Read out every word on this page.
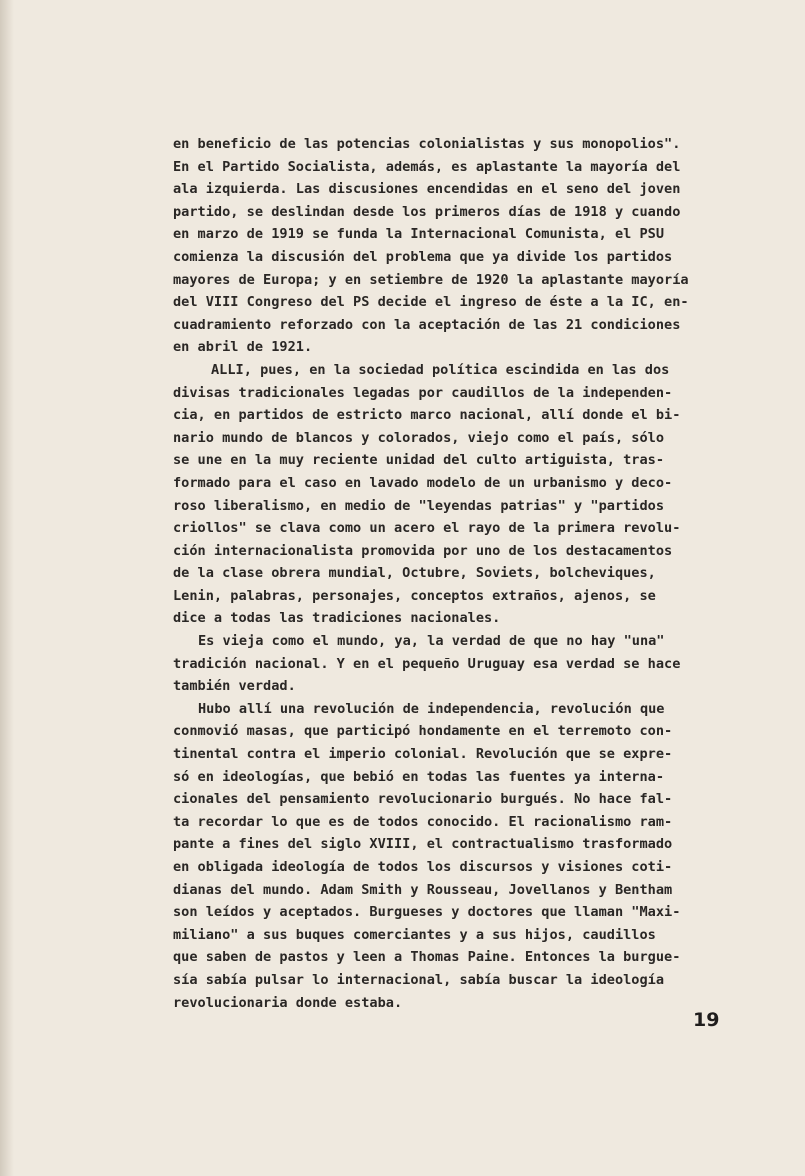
en beneficio de las potencias colonialistas y sus monopolios".
En el Partido Socialista, además, es aplastante la mayoría del
ala izquierda. Las discusiones encendidas en el seno del joven
partido, se deslindan desde los primeros días de 1918 y cuando
en marzo de 1919 se funda la Internacional Comunista, el PSU
comienza la discusión del problema que ya divide los partidos
mayores de Europa; y en setiembre de 1920 la aplastante mayoría
del VIII Congreso del PS decide el ingreso de éste a la IC, en-
cuadramiento reforzado con la aceptación de las 21 condiciones
en abril de 1921.
ALLI, pues, en la sociedad política escindida en las dos
divisas tradicionales legadas por caudillos de la independen-
cia, en partidos de estricto marco nacional, allí donde el bi-
nario mundo de blancos y colorados, viejo como el país, sólo
se une en la muy reciente unidad del culto artiguista, tras-
formado para el caso en lavado modelo de un urbanismo y deco-
roso liberalismo, en medio de "leyendas patrias" y "partidos
criollos" se clava como un acero el rayo de la primera revolu-
ción internacionalista promovida por uno de los destacamentos
de la clase obrera mundial, Octubre, Soviets, bolcheviques,
Lenin, palabras, personajes, conceptos extraños, ajenos, se
dice a todas las tradiciones nacionales.
Es vieja como el mundo, ya, la verdad de que no hay "una"
tradición nacional. Y en el pequeño Uruguay esa verdad se hace
también verdad.
Hubo allí una revolución de independencia, revolución que
conmovió masas, que participó hondamente en el terremoto con-
tinental contra el imperio colonial. Revolución que se expre-
só en ideologías, que bebió en todas las fuentes ya interna-
cionales del pensamiento revolucionario burgués. No hace fal-
ta recordar lo que es de todos conocido. El racionalismo ram-
pante a fines del siglo XVIII, el contractualismo trasformado
en obligada ideología de todos los discursos y visiones coti-
dianas del mundo. Adam Smith y Rousseau, Jovellanos y Bentham
son leídos y aceptados. Burgueses y doctores que llaman "Maxi-
miliano" a sus buques comerciantes y a sus hijos, caudillos
que saben de pastos y leen a Thomas Paine. Entonces la burgue-
sía sabía pulsar lo internacional, sabía buscar la ideología
revolucionaria donde estaba.
19
